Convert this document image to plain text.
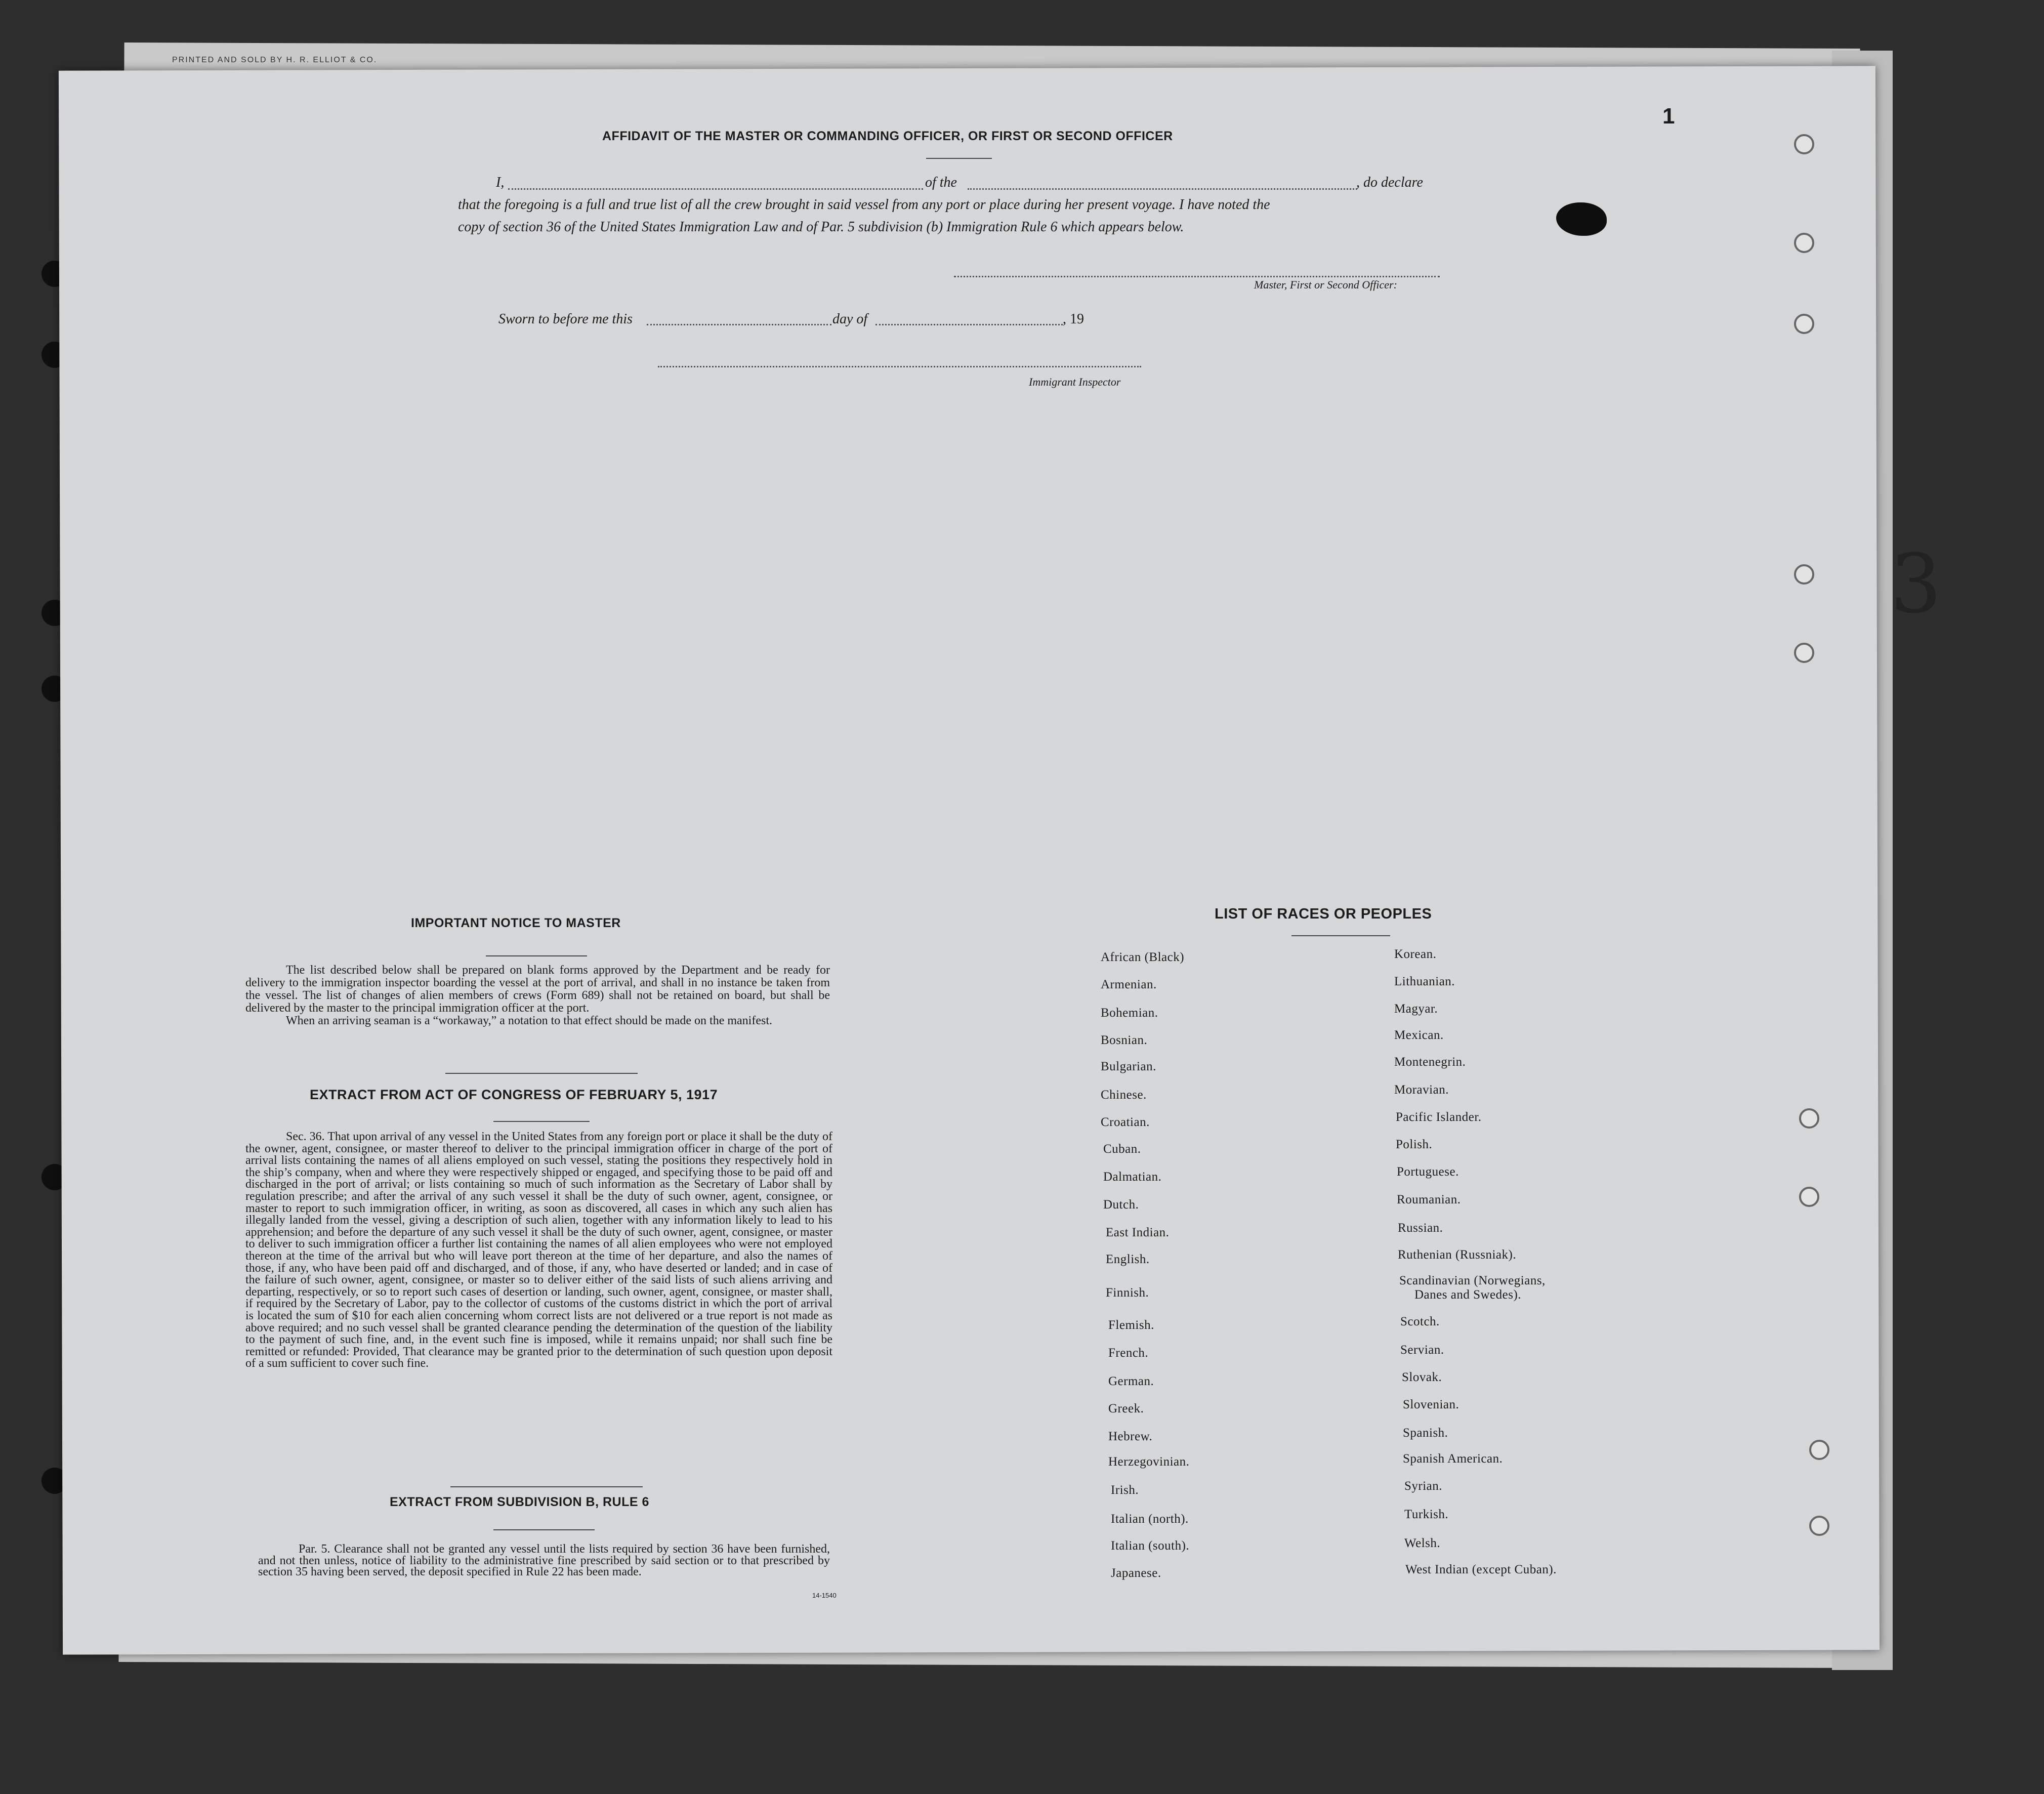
PRINTED AND SOLD BY H. R. ELLIOT & CO.
3
1
AFFIDAVIT OF THE MASTER OR COMMANDING OFFICER, OR FIRST OR SECOND OFFICER
I,	of the	, do declare
that the foregoing is a full and true list of all the crew brought in said vessel from any port or place during her present voyage. I have noted the
copy of section 36 of the United States Immigration Law and of Par. 5 subdivision (b) Immigration Rule 6 which appears below.
Master, First or Second Officer:
Sworn to before me this	day of	, 19
Immigrant Inspector
IMPORTANT NOTICE TO MASTER

The list described below shall be prepared on blank forms approved by the Department and be ready for delivery to the immigration inspector boarding the vessel at the port of arrival, and shall in no instance be taken from the vessel. The list of changes of alien members of crews (Form 689) shall not be retained on board, but shall be delivered by the master to the principal immigration officer at the port.

When an arriving seaman is a “workaway,” a notation to that effect should be made on the manifest.

EXTRACT FROM ACT OF CONGRESS OF FEBRUARY 5, 1917

Sec. 36. That upon arrival of any vessel in the United States from any foreign port or place it shall be the duty of the owner, agent, consignee, or master thereof to deliver to the principal immigration officer in charge of the port of arrival lists containing the names of all aliens employed on such vessel, stating the positions they respectively hold in the ship’s company, when and where they were respectively shipped or engaged, and specifying those to be paid off and discharged in the port of arrival; or lists containing so much of such information as the Secretary of Labor shall by regulation prescribe; and after the arrival of any such vessel it shall be the duty of such owner, agent, consignee, or master to report to such immigration officer, in writing, as soon as discovered, all cases in which any such alien has illegally landed from the vessel, giving a description of such alien, together with any information likely to lead to his apprehension; and before the departure of any such vessel it shall be the duty of such owner, agent, consignee, or master to deliver to such immigration officer a further list containing the names of all alien employees who were not employed thereon at the time of the arrival but who will leave port thereon at the time of her departure, and also the names of those, if any, who have been paid off and discharged, and of those, if any, who have deserted or landed; and in case of the failure of such owner, agent, consignee, or master so to deliver either of the said lists of such aliens arriving and departing, respectively, or so to report such cases of desertion or landing, such owner, agent, consignee, or master shall, if required by the Secretary of Labor, pay to the collector of customs of the customs district in which the port of arrival is located the sum of $10 for each alien concerning whom correct lists are not delivered or a true report is not made as above required; and no such vessel shall be granted clearance pending the determination of the question of the liability to the payment of such fine, and, in the event such fine is imposed, while it remains unpaid; nor shall such fine be remitted or refunded: Provided, That clearance may be granted prior to the determination of such question upon deposit of a sum sufficient to cover such fine.

EXTRACT FROM SUBDIVISION B, RULE 6

Par. 5. Clearance shall not be granted any vessel until the lists required by section 36 have been furnished, and not then unless, notice of liability to the administrative fine prescribed by said section or to that prescribed by section 35 having been served, the deposit specified in Rule 22 has been made.

14-1540
LIST OF RACES OR PEOPLES
African (Black)
Armenian.
Bohemian.
Bosnian.
Bulgarian.
Chinese.
Croatian.
Cuban.
Dalmatian.
Dutch.
East Indian.
English.
Finnish.
Flemish.
French.
German.
Greek.
Hebrew.
Herzegovinian.
Irish.
Italian (north).
Italian (south).
Japanese.
Korean.
Lithuanian.
Magyar.
Mexican.
Montenegrin.
Moravian.
Pacific Islander.
Polish.
Portuguese.
Roumanian.
Russian.
Ruthenian (Russniak).
Scandinavian (Norwegians,
Danes and Swedes).
Scotch.
Servian.
Slovak.
Slovenian.
Spanish.
Spanish American.
Syrian.
Turkish.
Welsh.
West Indian (except Cuban).
